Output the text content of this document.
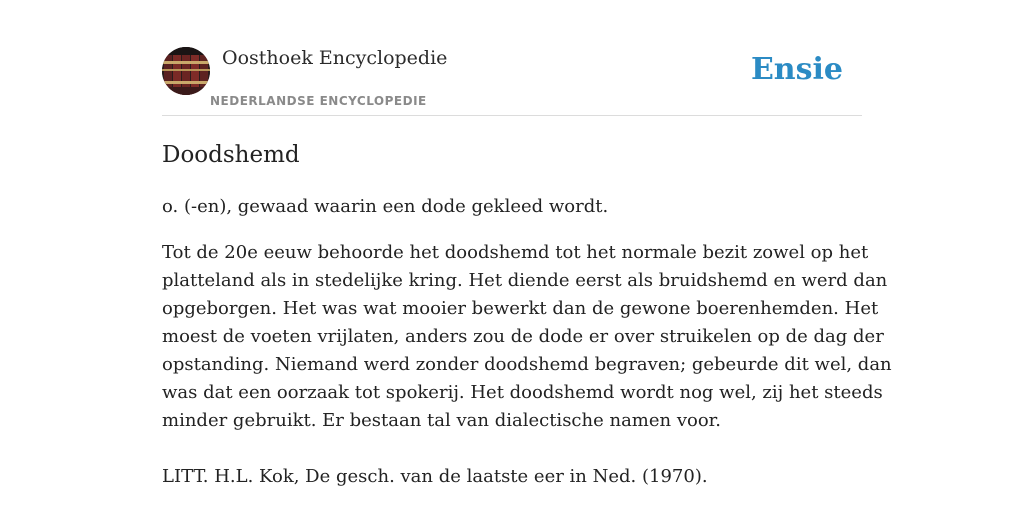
Oosthoek Encyclopedie
NEDERLANDSE ENCYCLOPEDIE
Ensie
Doodshemd

o. (-en), gewaad waarin een dode gekleed wordt.

Tot de 20e eeuw behoorde het doodshemd tot het normale bezit zowel op het
platteland als in stedelijke kring. Het diende eerst als bruidshemd en werd dan
opgeborgen. Het was wat mooier bewerkt dan de gewone boerenhemden. Het
moest de voeten vrijlaten, anders zou de dode er over struikelen op de dag der
opstanding. Niemand werd zonder doodshemd begraven; gebeurde dit wel, dan
was dat een oorzaak tot spokerij. Het doodshemd wordt nog wel, zij het steeds
minder gebruikt. Er bestaan tal van dialectische namen voor.

LITT. H.L. Kok, De gesch. van de laatste eer in Ned. (1970).
